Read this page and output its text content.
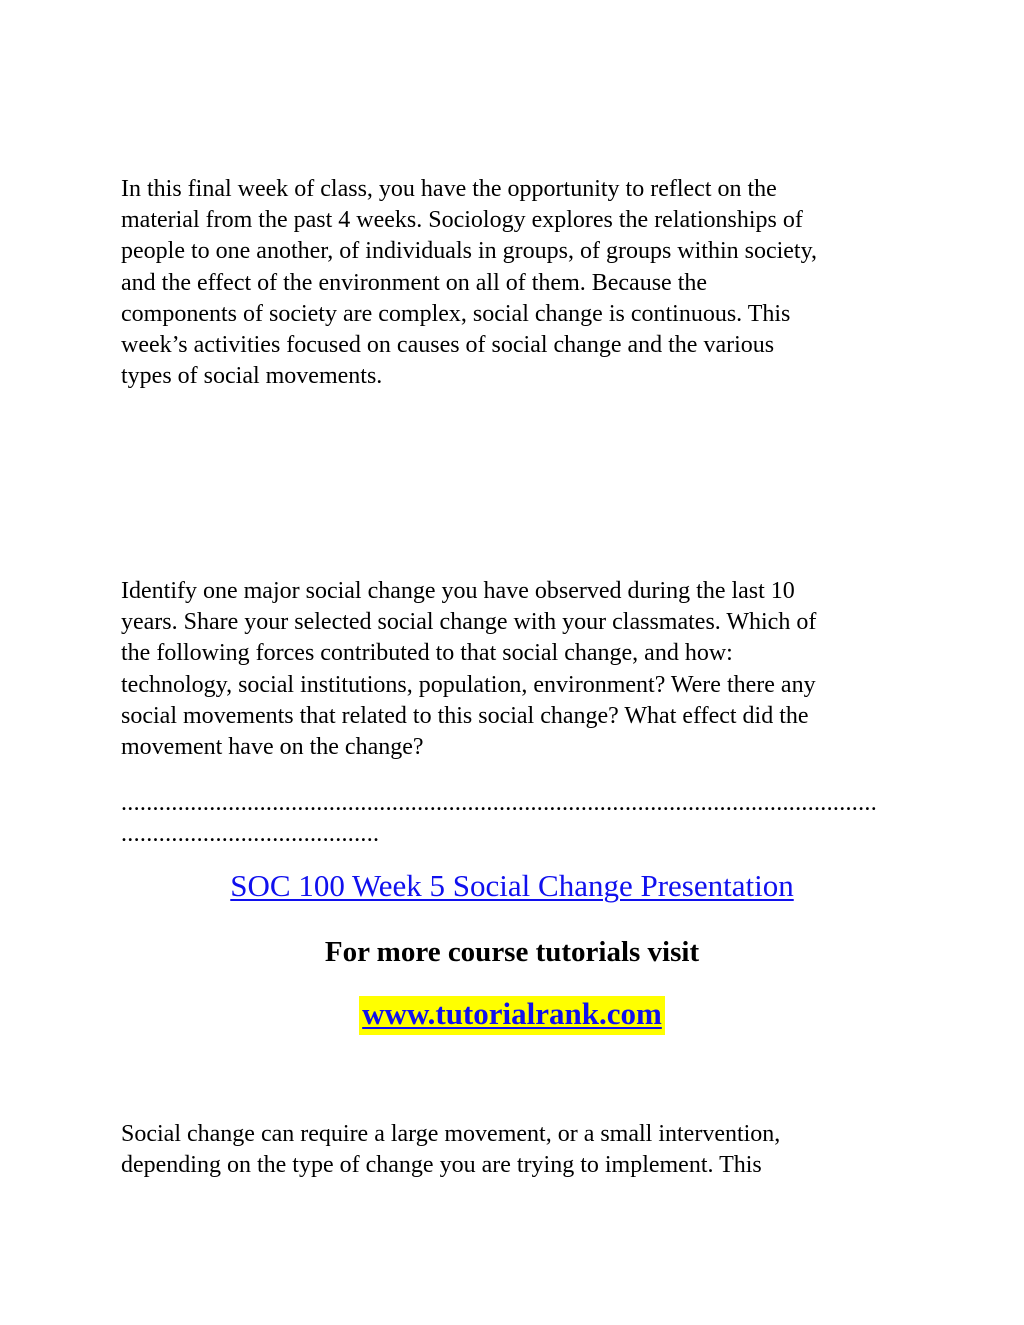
In this final week of class, you have the opportunity to reflect on the
material from the past 4 weeks. Sociology explores the relationships of
people to one another, of individuals in groups, of groups within society,
and the effect of the environment on all of them. Because the
components of society are complex, social change is continuous. This
week’s activities focused on causes of social change and the various
types of social movements.

Identify one major social change you have observed during the last 10
years. Share your selected social change with your classmates. Which of
the following forces contributed to that social change, and how:
technology, social institutions, population, environment? Were there any
social movements that related to this social change? What effect did the
movement have on the change?

........................................................................................................................
.........................................

SOC 100 Week 5 Social Change Presentation

For more course tutorials visit

www.tutorialrank.com

Social change can require a large movement, or a small intervention,
depending on the type of change you are trying to implement. This
